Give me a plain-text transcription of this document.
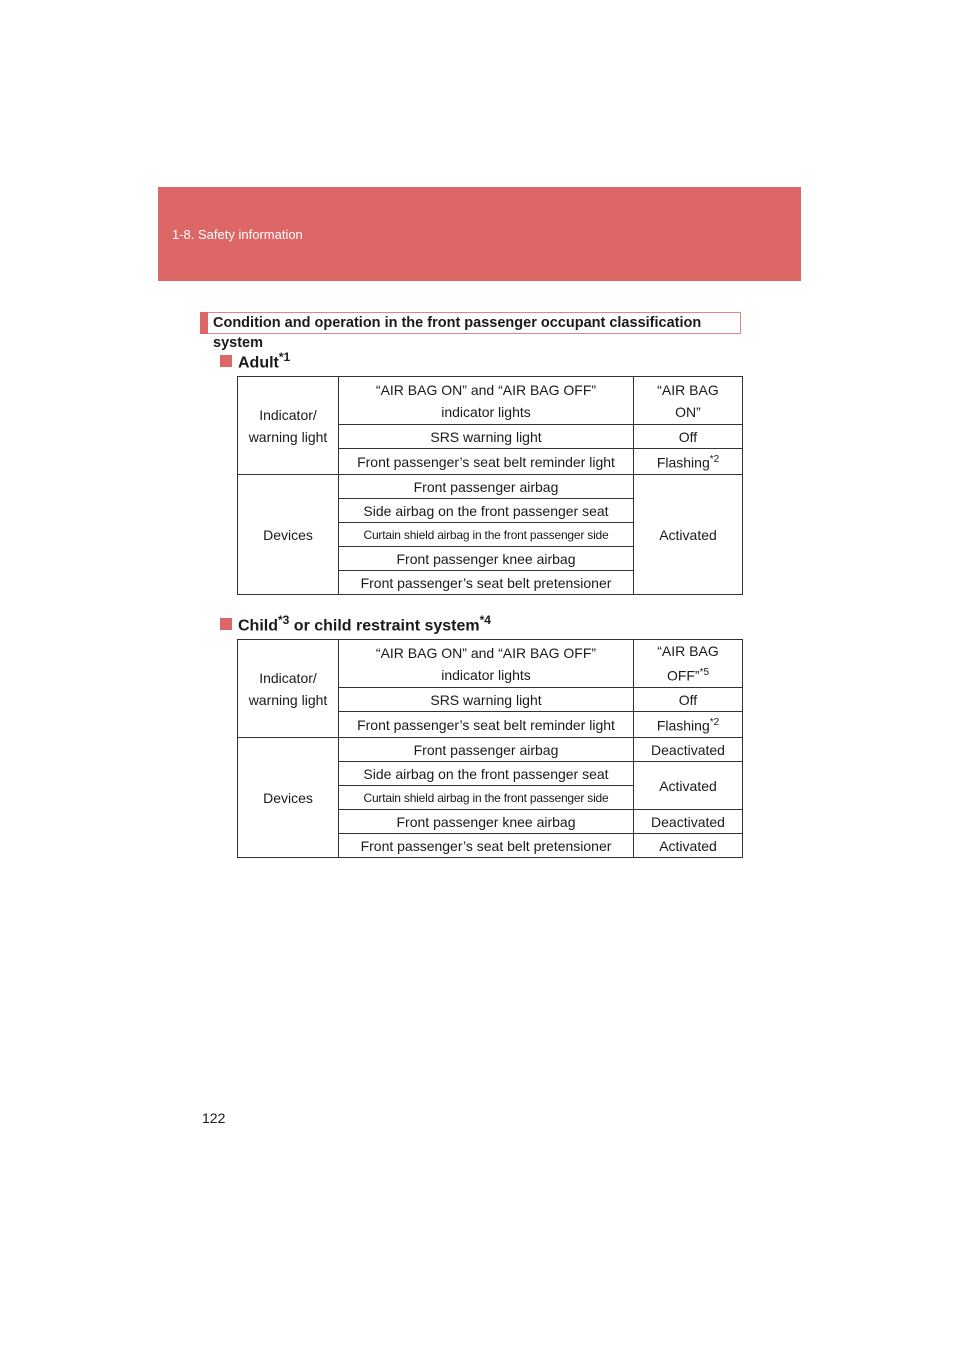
1-8. Safety information
Condition and operation in the front passenger occupant classification system
Adult$^{*1}$
Indicator/ warning light	“AIR BAG ON” and “AIR BAG OFF” indicator lights	“AIR BAG ON”
	SRS warning light	Off
	Front passenger’s seat belt reminder light	Flashing$^{*2}$
Devices	Front passenger airbag	Activated
	Side airbag on the front passenger seat	
	Curtain shield airbag in the front passenger side	
	Front passenger knee airbag	
	Front passenger’s seat belt pretensioner	
Child$^{*3}$ or child restraint system$^{*4}$
Indicator/ warning light	“AIR BAG ON” and “AIR BAG OFF” indicator lights	“AIR BAG OFF”$^{*5}$
	SRS warning light	Off
	Front passenger’s seat belt reminder light	Flashing$^{*2}$
Devices	Front passenger airbag	Deactivated
	Side airbag on the front passenger seat	Activated
	Curtain shield airbag in the front passenger side	
	Front passenger knee airbag	Deactivated
	Front passenger’s seat belt pretensioner	Activated
122
